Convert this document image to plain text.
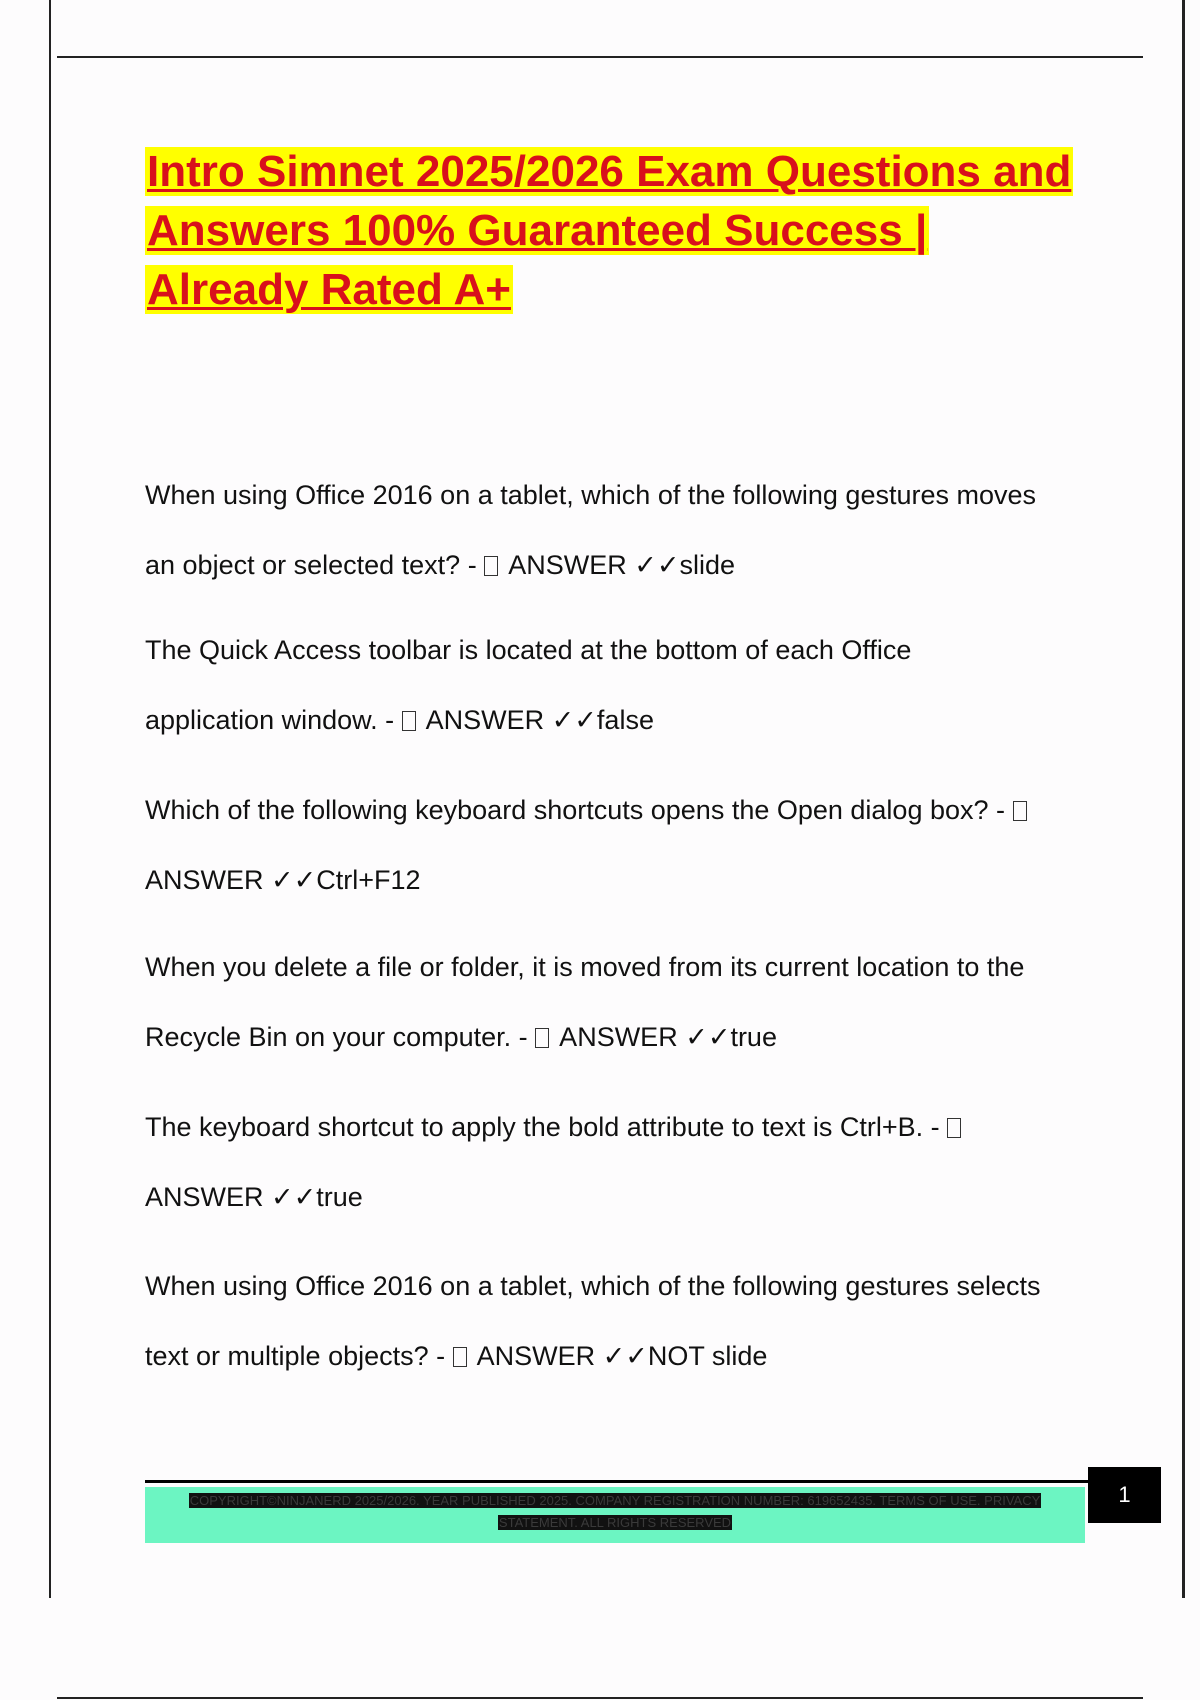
Intro Simnet 2025/2026 Exam Questions and Answers 100% Guaranteed Success | Already Rated A+
When using Office 2016 on a tablet, which of the following gestures moves
an object or selected text? -  ANSWER ✓✓slide
The Quick Access toolbar is located at the bottom of each Office
application window. -  ANSWER ✓✓false
Which of the following keyboard shortcuts opens the Open dialog box? -
ANSWER ✓✓Ctrl+F12
When you delete a file or folder, it is moved from its current location to the
Recycle Bin on your computer. -  ANSWER ✓✓true
The keyboard shortcut to apply the bold attribute to text is Ctrl+B. -
ANSWER ✓✓true
When using Office 2016 on a tablet, which of the following gestures selects
text or multiple objects? -  ANSWER ✓✓NOT slide
COPYRIGHT©NINJANERD 2025/2026. YEAR PUBLISHED 2025. COMPANY REGISTRATION NUMBER: 619652435. TERMS OF USE. PRIVACY
STATEMENT. ALL RIGHTS RESERVED
1
